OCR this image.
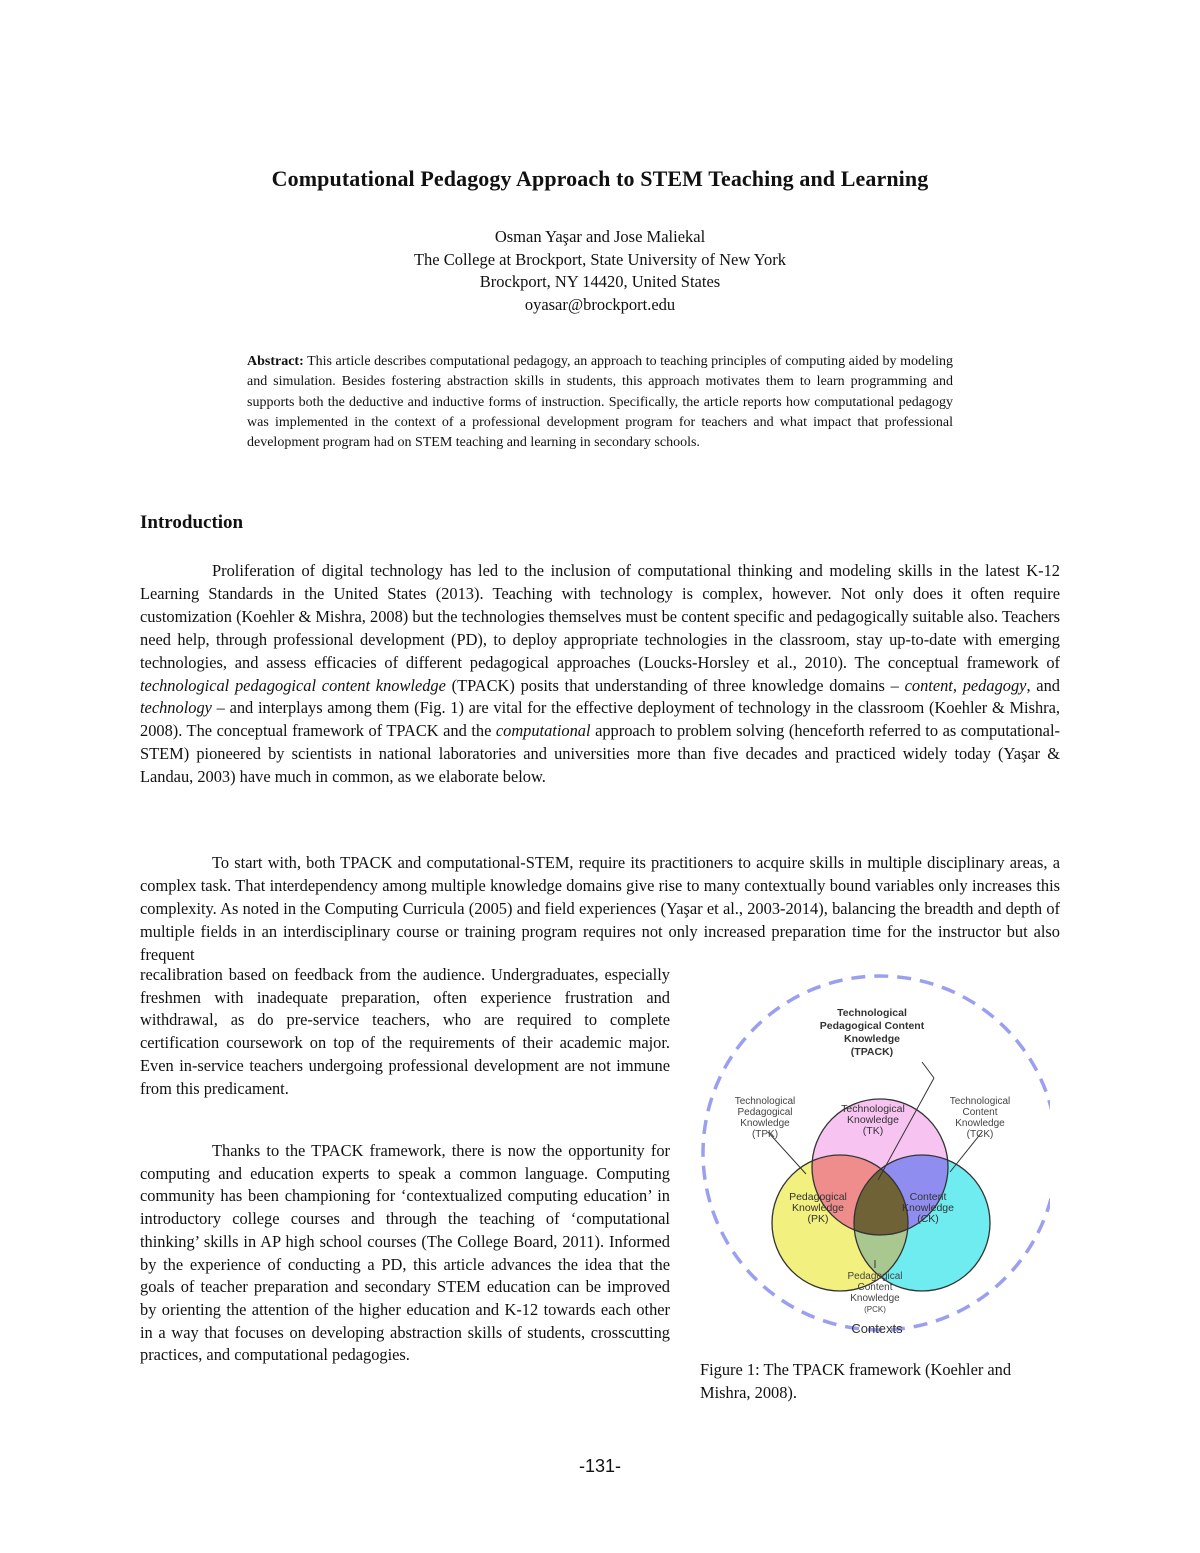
Computational Pedagogy Approach to STEM Teaching and Learning
Osman Yaşar and Jose Maliekal
The College at Brockport, State University of New York
Brockport, NY 14420, United States
oyasar@brockport.edu
Abstract: This article describes computational pedagogy, an approach to teaching principles of computing aided by modeling and simulation. Besides fostering abstraction skills in students, this approach motivates them to learn programming and supports both the deductive and inductive forms of instruction. Specifically, the article reports how computational pedagogy was implemented in the context of a professional development program for teachers and what impact that professional development program had on STEM teaching and learning in secondary schools.
Introduction
Proliferation of digital technology has led to the inclusion of computational thinking and modeling skills in the latest K-12 Learning Standards in the United States (2013). Teaching with technology is complex, however. Not only does it often require customization (Koehler & Mishra, 2008) but the technologies themselves must be content specific and pedagogically suitable also. Teachers need help, through professional development (PD), to deploy appropriate technologies in the classroom, stay up-to-date with emerging technologies, and assess efficacies of different pedagogical approaches (Loucks-Horsley et al., 2010). The conceptual framework of technological pedagogical content knowledge (TPACK) posits that understanding of three knowledge domains – content, pedagogy, and technology – and interplays among them (Fig. 1) are vital for the effective deployment of technology in the classroom (Koehler & Mishra, 2008). The conceptual framework of TPACK and the computational approach to problem solving (henceforth referred to as computational-STEM) pioneered by scientists in national laboratories and universities more than five decades and practiced widely today (Yaşar & Landau, 2003) have much in common, as we elaborate below.
To start with, both TPACK and computational-STEM, require its practitioners to acquire skills in multiple disciplinary areas, a complex task. That interdependency among multiple knowledge domains give rise to many contextually bound variables only increases this complexity. As noted in the Computing Curricula (2005) and field experiences (Yaşar et al., 2003-2014), balancing the breadth and depth of multiple fields in an interdisciplinary course or training program requires not only increased preparation time for the instructor but also frequent
recalibration based on feedback from the audience. Undergraduates, especially freshmen with inadequate preparation, often experience frustration and withdrawal, as do pre-service teachers, who are required to complete certification coursework on top of the requirements of their academic major. Even in-service teachers undergoing professional development are not immune from this predicament.
Thanks to the TPACK framework, there is now the opportunity for computing and education experts to speak a common language. Computing community has been championing for ‘contextualized computing education’ in introductory college courses and through the teaching of ‘computational thinking’ skills in AP high school courses (The College Board, 2011). Informed by the experience of conducting a PD, this article advances the idea that the goals of teacher preparation and secondary STEM education can be improved by orienting the attention of the higher education and K-12 towards each other in a way that focuses on developing abstraction skills of students, crosscutting practices, and computational pedagogies.
Technological
Pedagogical Content
Knowledge
(TPACK)
Technological
Pedagogical
Knowledge
(TPK)
Technological
Content
Knowledge
(TCK)
Technological
Knowledge
(TK)
Pedagogical
Knowledge
(PK)
Content
Knowledge
(CK)
Pedagogical
Content
Knowledge
(PCK)
Contexts
Figure 1: The TPACK framework (Koehler and Mishra, 2008).
-131-
